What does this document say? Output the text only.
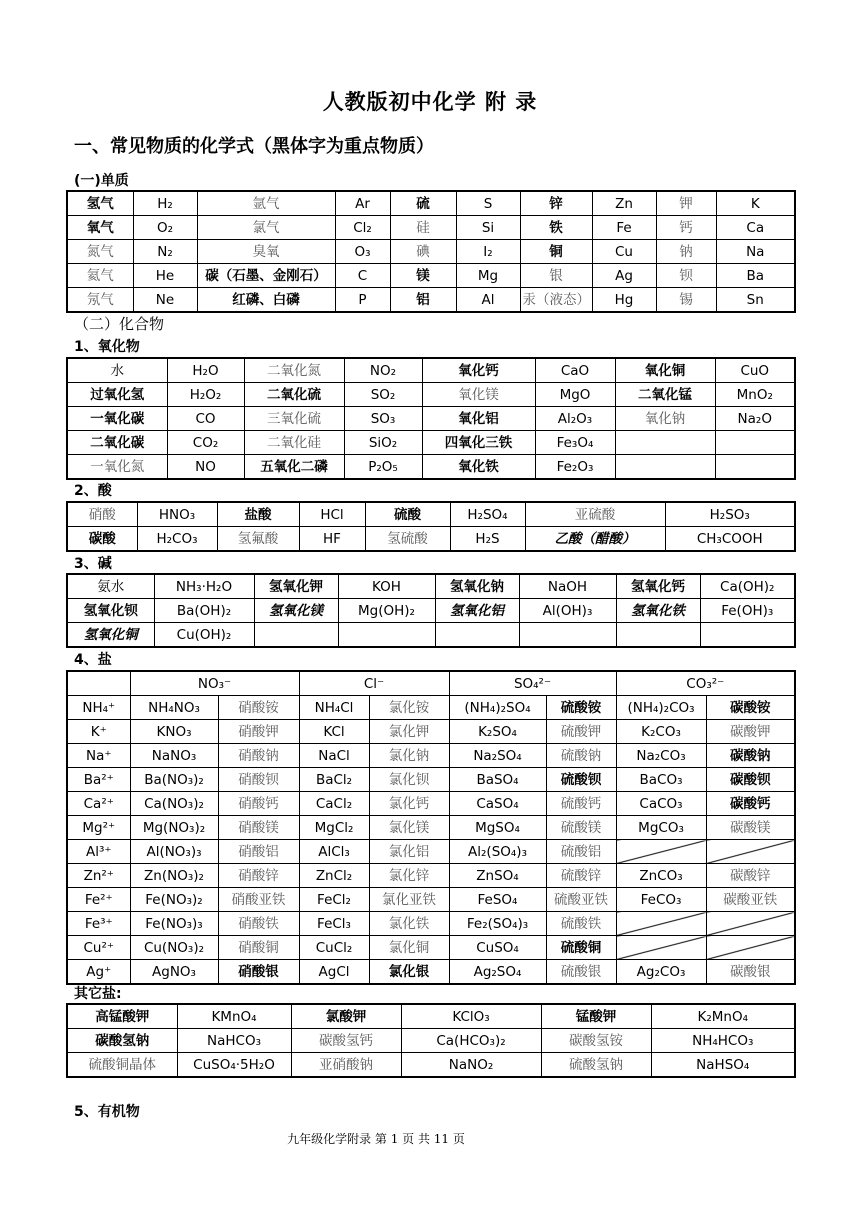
人教版初中化学 附 录
一、常见物质的化学式（黑体字为重点物质）
(一)单质
氢气	H₂	氩气	Ar	硫	S	锌	Zn	钾	K
氧气	O₂	氯气	Cl₂	硅	Si	铁	Fe	钙	Ca
氮气	N₂	臭氧	O₃	碘	I₂	铜	Cu	钠	Na
氦气	He	碳（石墨、金刚石）	C	镁	Mg	银	Ag	钡	Ba
氖气	Ne	红磷、白磷	P	铝	Al	汞（液态）	Hg	锡	Sn
（二）化合物
1、氧化物
水	H₂O	二氧化氮	NO₂	氧化钙	CaO	氧化铜	CuO
过氧化氢	H₂O₂	二氧化硫	SO₂	氧化镁	MgO	二氧化锰	MnO₂
一氧化碳	CO	三氧化硫	SO₃	氧化铝	Al₂O₃	氧化钠	Na₂O
二氧化碳	CO₂	二氧化硅	SiO₂	四氧化三铁	Fe₃O₄		
一氧化氮	NO	五氧化二磷	P₂O₅	氧化铁	Fe₂O₃		
2、酸
硝酸	HNO₃	盐酸	HCl	硫酸	H₂SO₄	亚硫酸	H₂SO₃
碳酸	H₂CO₃	氢氟酸	HF	氢硫酸	H₂S	乙酸（醋酸）	CH₃COOH
3、碱
氨水	NH₃·H₂O	氢氧化钾	KOH	氢氧化钠	NaOH	氢氧化钙	Ca(OH)₂
氢氧化钡	Ba(OH)₂	氢氧化镁	Mg(OH)₂	氢氧化铝	Al(OH)₃	氢氧化铁	Fe(OH)₃
氢氧化铜	Cu(OH)₂						
4、盐
	NO₃⁻		Cl⁻		SO₄²⁻		CO₃²⁻	
NH₄⁺	NH₄NO₃	硝酸铵	NH₄Cl	氯化铵	(NH₄)₂SO₄	硫酸铵	(NH₄)₂CO₃	碳酸铵
K⁺	KNO₃	硝酸钾	KCl	氯化钾	K₂SO₄	硫酸钾	K₂CO₃	碳酸钾
Na⁺	NaNO₃	硝酸钠	NaCl	氯化钠	Na₂SO₄	硫酸钠	Na₂CO₃	碳酸钠
Ba²⁺	Ba(NO₃)₂	硝酸钡	BaCl₂	氯化钡	BaSO₄	硫酸钡	BaCO₃	碳酸钡
Ca²⁺	Ca(NO₃)₂	硝酸钙	CaCl₂	氯化钙	CaSO₄	硫酸钙	CaCO₃	碳酸钙
Mg²⁺	Mg(NO₃)₂	硝酸镁	MgCl₂	氯化镁	MgSO₄	硫酸镁	MgCO₃	碳酸镁
Al³⁺	Al(NO₃)₃	硝酸铝	AlCl₃	氯化铝	Al₂(SO₄)₃	硫酸铝		
Zn²⁺	Zn(NO₃)₂	硝酸锌	ZnCl₂	氯化锌	ZnSO₄	硫酸锌	ZnCO₃	碳酸锌
Fe²⁺	Fe(NO₃)₂	硝酸亚铁	FeCl₂	氯化亚铁	FeSO₄	硫酸亚铁	FeCO₃	碳酸亚铁
Fe³⁺	Fe(NO₃)₃	硝酸铁	FeCl₃	氯化铁	Fe₂(SO₄)₃	硫酸铁		
Cu²⁺	Cu(NO₃)₂	硝酸铜	CuCl₂	氯化铜	CuSO₄	硫酸铜		
Ag⁺	AgNO₃	硝酸银	AgCl	氯化银	Ag₂SO₄	硫酸银	Ag₂CO₃	碳酸银
其它盐:
高锰酸钾	KMnO₄	氯酸钾	KClO₃	锰酸钾	K₂MnO₄
碳酸氢钠	NaHCO₃	碳酸氢钙	Ca(HCO₃)₂	碳酸氢铵	NH₄HCO₃
硫酸铜晶体	CuSO₄·5H₂O	亚硝酸钠	NaNO₂	硫酸氢钠	NaHSO₄
5、有机物
九年级化学附录 第 1 页 共 11 页
